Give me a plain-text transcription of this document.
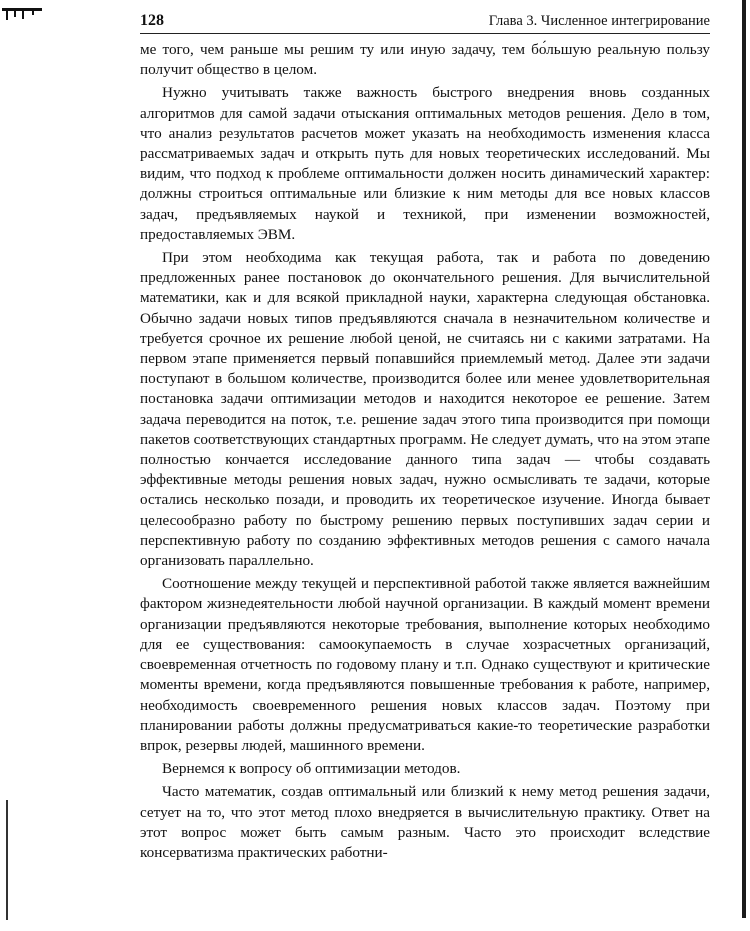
128	Глава 3. Численное интегрирование

ме того, чем раньше мы решим ту или иную задачу, тем бо́льшую реальную пользу получит общество в целом.

Нужно учитывать также важность быстрого внедрения вновь созданных алгоритмов для самой задачи отыскания оптимальных методов решения. Дело в том, что анализ результатов расчетов может указать на необходимость изменения класса рассматриваемых задач и открыть путь для новых теоретических исследований. Мы видим, что подход к проблеме оптимальности должен носить динамический характер: должны строиться оптимальные или близкие к ним методы для все новых классов задач, предъявляемых наукой и техникой, при изменении возможностей, предоставляемых ЭВМ.

При этом необходима как текущая работа, так и работа по доведению предложенных ранее постановок до окончательного решения. Для вычислительной математики, как и для всякой прикладной науки, характерна следующая обстановка. Обычно задачи новых типов предъявляются сначала в незначительном количестве и требуется срочное их решение любой ценой, не считаясь ни с какими затратами. На первом этапе применяется первый попавшийся приемлемый метод. Далее эти задачи поступают в большом количестве, производится более или менее удовлетворительная постановка задачи оптимизации методов и находится некоторое ее решение. Затем задача переводится на поток, т.е. решение задач этого типа производится при помощи пакетов соответствующих стандартных программ. Не следует думать, что на этом этапе полностью кончается исследование данного типа задач — чтобы создавать эффективные методы решения новых задач, нужно осмысливать те задачи, которые остались несколько позади, и проводить их теоретическое изучение. Иногда бывает целесообразно работу по быстрому решению первых поступивших задач серии и перспективную работу по созданию эффективных методов решения с самого начала организовать параллельно.

Соотношение между текущей и перспективной работой также является важнейшим фактором жизнедеятельности любой научной организации. В каждый момент времени организации предъявляются некоторые требования, выполнение которых необходимо для ее существования: самоокупаемость в случае хозрасчетных организаций, своевременная отчетность по годовому плану и т.п. Однако существуют и критические моменты времени, когда предъявляются повышенные требования к работе, например, необходимость своевременного решения новых классов задач. Поэтому при планировании работы должны предусматриваться какие-то теоретические разработки впрок, резервы людей, машинного времени.

Вернемся к вопросу об оптимизации методов.

Часто математик, создав оптимальный или близкий к нему метод решения задачи, сетует на то, что этот метод плохо внедряется в вычислительную практику. Ответ на этот вопрос может быть самым разным. Часто это происходит вследствие консерватизма практических работни-
